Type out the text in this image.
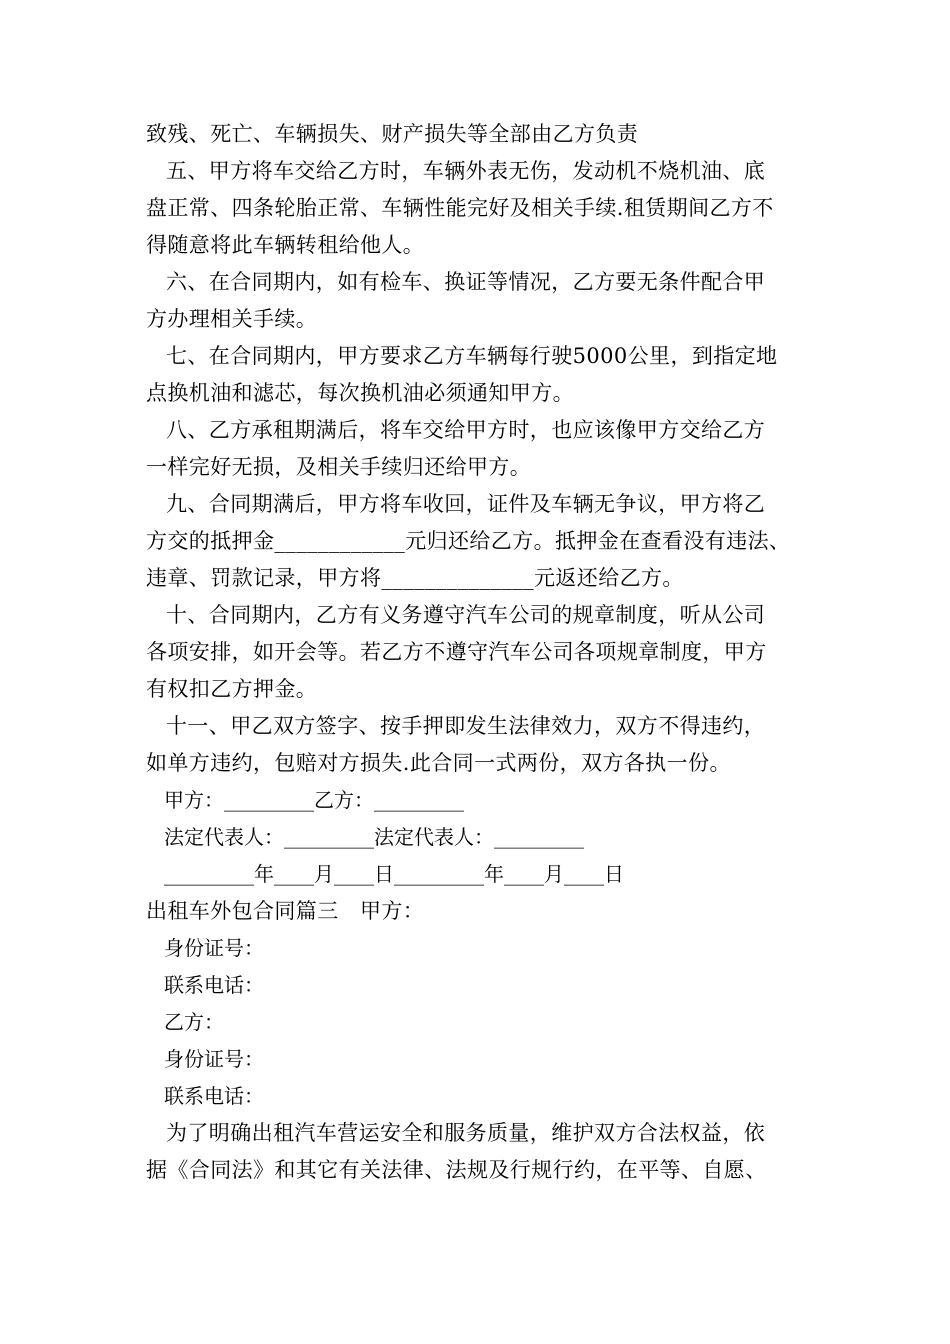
致残、死亡、车辆损失、财产损失等全部由乙方负责
五、甲方将车交给乙方时，车辆外表无伤，发动机不烧机油、底
盘正常、四条轮胎正常、车辆性能完好及相关手续.租赁期间乙方不
得随意将此车辆转租给他人。
六、在合同期内，如有检车、换证等情况，乙方要无条件配合甲
方办理相关手续。
七、在合同期内，甲方要求乙方车辆每行驶5000公里，到指定地
点换机油和滤芯，每次换机油必须通知甲方。
八、乙方承租期满后，将车交给甲方时，也应该像甲方交给乙方
一样完好无损，及相关手续归还给甲方。
九、合同期满后，甲方将车收回，证件及车辆无争议，甲方将乙
方交的抵押金____________元归还给乙方。抵押金在查看没有违法、
违章、罚款记录，甲方将______________元返还给乙方。
十、合同期内，乙方有义务遵守汽车公司的规章制度，听从公司
各项安排，如开会等。若乙方不遵守汽车公司各项规章制度，甲方
有权扣乙方押金。
十一、甲乙双方签字、按手押即发生法律效力，双方不得违约，
如单方违约，包赔对方损失.此合同一式两份，双方各执一份。
甲方：_________乙方：_________
法定代表人：_________法定代表人：_________
_________年____月____日_________年____月____日
出租车外包合同篇三　甲方：
身份证号：
联系电话：
乙方：
身份证号：
联系电话：
为了明确出租汽车营运安全和服务质量，维护双方合法权益，依
据《合同法》和其它有关法律、法规及行规行约，在平等、自愿、
